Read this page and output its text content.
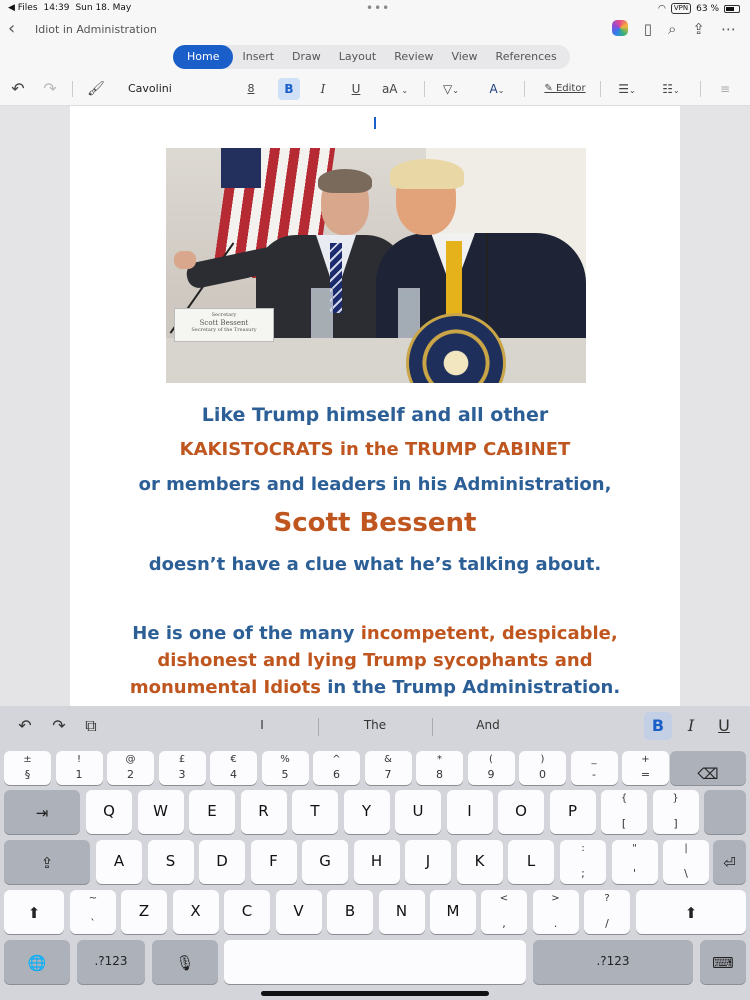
◀ Files 14:39 Sun 18. May	•••	◠	VPN 63 %
‹ Idiot in Administration	▯ ⌕ ⇪ ⋯
Home	Insert	Draw	Layout	Review	View	References
↶ ↷ 🖌 Cavolini	8	B	I	U	aA ⌄	▽⌄	A⌄	✎ Editor	☰⌄	☷⌄	≡
Secretary
Scott Bessent
Secretary of the Treasury
Like Trump himself and all other
KAKISTOCRATS in the TRUMP CABINET
or members and leaders in his Administration,
Scott Bessent
doesn’t have a clue what he’s talking about.
He is one of the many incompetent, despicable,
dishonest and lying Trump sycophants and
monumental Idiots in the Trump Administration.
↶	↷	⧉	I	The	And	B	I	U
±
§
!
1
@
2
£
3
€
4
%
5
^
6
&
7
*
8
(
9
)
0
_
-
+
=	⌫
⇥	Q	W	E	R	T	Y	U	I	O	P
{
[
}
]
⇪	A	S	D	F	G	H	J	K	L
:
;
"
'
|
\
⏎
⬆
~
`
Z	X	C	V	B	N	M
<
,
>
.
?
/
⬆
🌐	.?123	🎙	.?123	⌨
